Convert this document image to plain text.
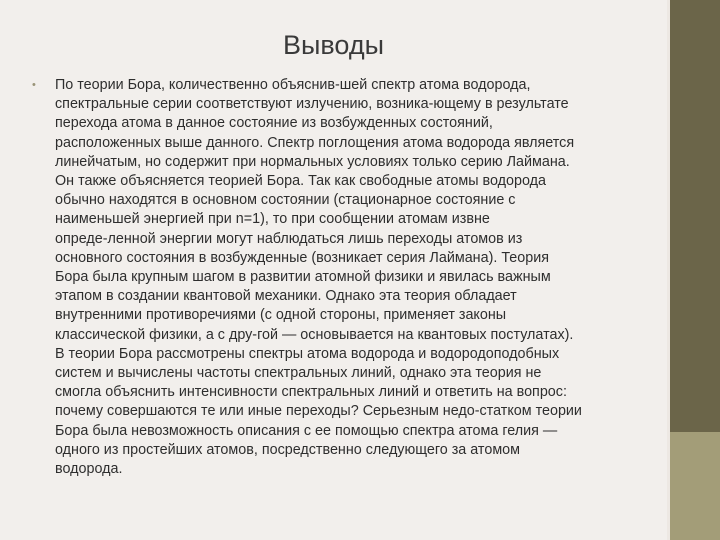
Выводы
• По теории Бора, количественно объяснив-шей спектр атома водорода,
спектральные серии соответствуют излучению, возника-ющему в результате
перехода атома в данное состояние из возбужденных состояний,
расположенных выше данного. Спектр поглощения атома водорода является
линейчатым, но содержит при нормальных условиях только серию Лаймана.
Он также объясняется теорией Бора. Так как свободные атомы водорода
обычно находятся в основном состоянии (стационарное состояние с
наименьшей энергией при n=1), то при сообщении атомам извне
опреде-ленной энергии могут наблюдаться лишь переходы атомов из
основного состояния в возбужденные (возникает серия Лаймана). Теория
Бора была крупным шагом в развитии атомной физики и явилась важным
этапом в создании квантовой механики. Однако эта теория обладает
внутренними противоречиями (с одной стороны, применяет законы
классической физики, а с дру-гой — основывается на квантовых постулатах).
В теории Бора рассмотрены спектры атома водорода и водородоподобных
систем и вычислены частоты спектральных линий, однако эта теория не
смогла объяснить интенсивности спектральных линий и ответить на вопрос:
почему совершаются те или иные переходы? Серьезным недо-статком теории
Бора была невозможность описания с ее помощью спектра атома гелия —
одного из простейших атомов, посредственно следующего за атомом
водорода.
